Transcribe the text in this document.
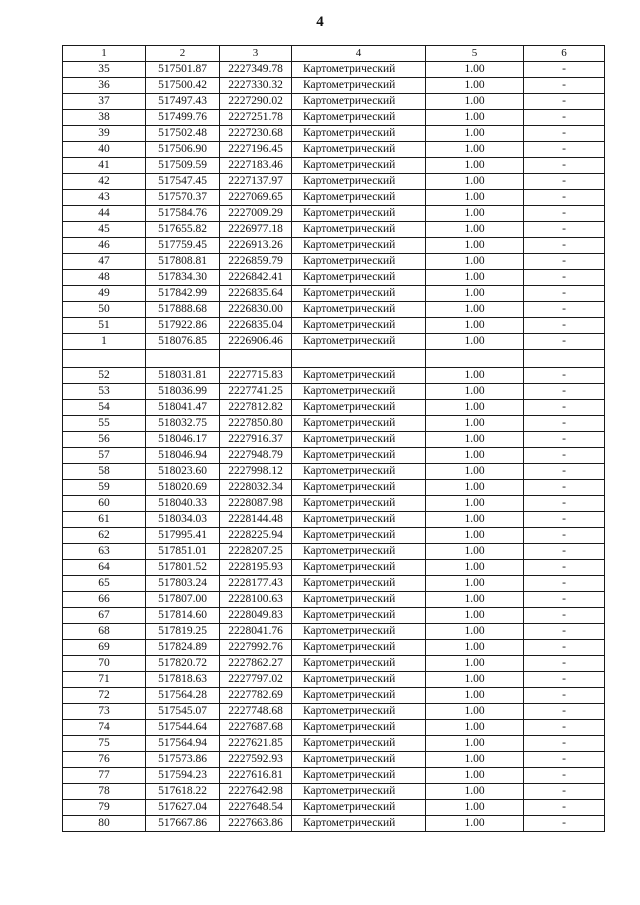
4
1	2	3	4	5	6
35	517501.87	2227349.78	Картометрический	1.00	-
36	517500.42	2227330.32	Картометрический	1.00	-
37	517497.43	2227290.02	Картометрический	1.00	-
38	517499.76	2227251.78	Картометрический	1.00	-
39	517502.48	2227230.68	Картометрический	1.00	-
40	517506.90	2227196.45	Картометрический	1.00	-
41	517509.59	2227183.46	Картометрический	1.00	-
42	517547.45	2227137.97	Картометрический	1.00	-
43	517570.37	2227069.65	Картометрический	1.00	-
44	517584.76	2227009.29	Картометрический	1.00	-
45	517655.82	2226977.18	Картометрический	1.00	-
46	517759.45	2226913.26	Картометрический	1.00	-
47	517808.81	2226859.79	Картометрический	1.00	-
48	517834.30	2226842.41	Картометрический	1.00	-
49	517842.99	2226835.64	Картометрический	1.00	-
50	517888.68	2226830.00	Картометрический	1.00	-
51	517922.86	2226835.04	Картометрический	1.00	-
1	518076.85	2226906.46	Картометрический	1.00	-

52	518031.81	2227715.83	Картометрический	1.00	-
53	518036.99	2227741.25	Картометрический	1.00	-
54	518041.47	2227812.82	Картометрический	1.00	-
55	518032.75	2227850.80	Картометрический	1.00	-
56	518046.17	2227916.37	Картометрический	1.00	-
57	518046.94	2227948.79	Картометрический	1.00	-
58	518023.60	2227998.12	Картометрический	1.00	-
59	518020.69	2228032.34	Картометрический	1.00	-
60	518040.33	2228087.98	Картометрический	1.00	-
61	518034.03	2228144.48	Картометрический	1.00	-
62	517995.41	2228225.94	Картометрический	1.00	-
63	517851.01	2228207.25	Картометрический	1.00	-
64	517801.52	2228195.93	Картометрический	1.00	-
65	517803.24	2228177.43	Картометрический	1.00	-
66	517807.00	2228100.63	Картометрический	1.00	-
67	517814.60	2228049.83	Картометрический	1.00	-
68	517819.25	2228041.76	Картометрический	1.00	-
69	517824.89	2227992.76	Картометрический	1.00	-
70	517820.72	2227862.27	Картометрический	1.00	-
71	517818.63	2227797.02	Картометрический	1.00	-
72	517564.28	2227782.69	Картометрический	1.00	-
73	517545.07	2227748.68	Картометрический	1.00	-
74	517544.64	2227687.68	Картометрический	1.00	-
75	517564.94	2227621.85	Картометрический	1.00	-
76	517573.86	2227592.93	Картометрический	1.00	-
77	517594.23	2227616.81	Картометрический	1.00	-
78	517618.22	2227642.98	Картометрический	1.00	-
79	517627.04	2227648.54	Картометрический	1.00	-
80	517667.86	2227663.86	Картометрический	1.00	-
